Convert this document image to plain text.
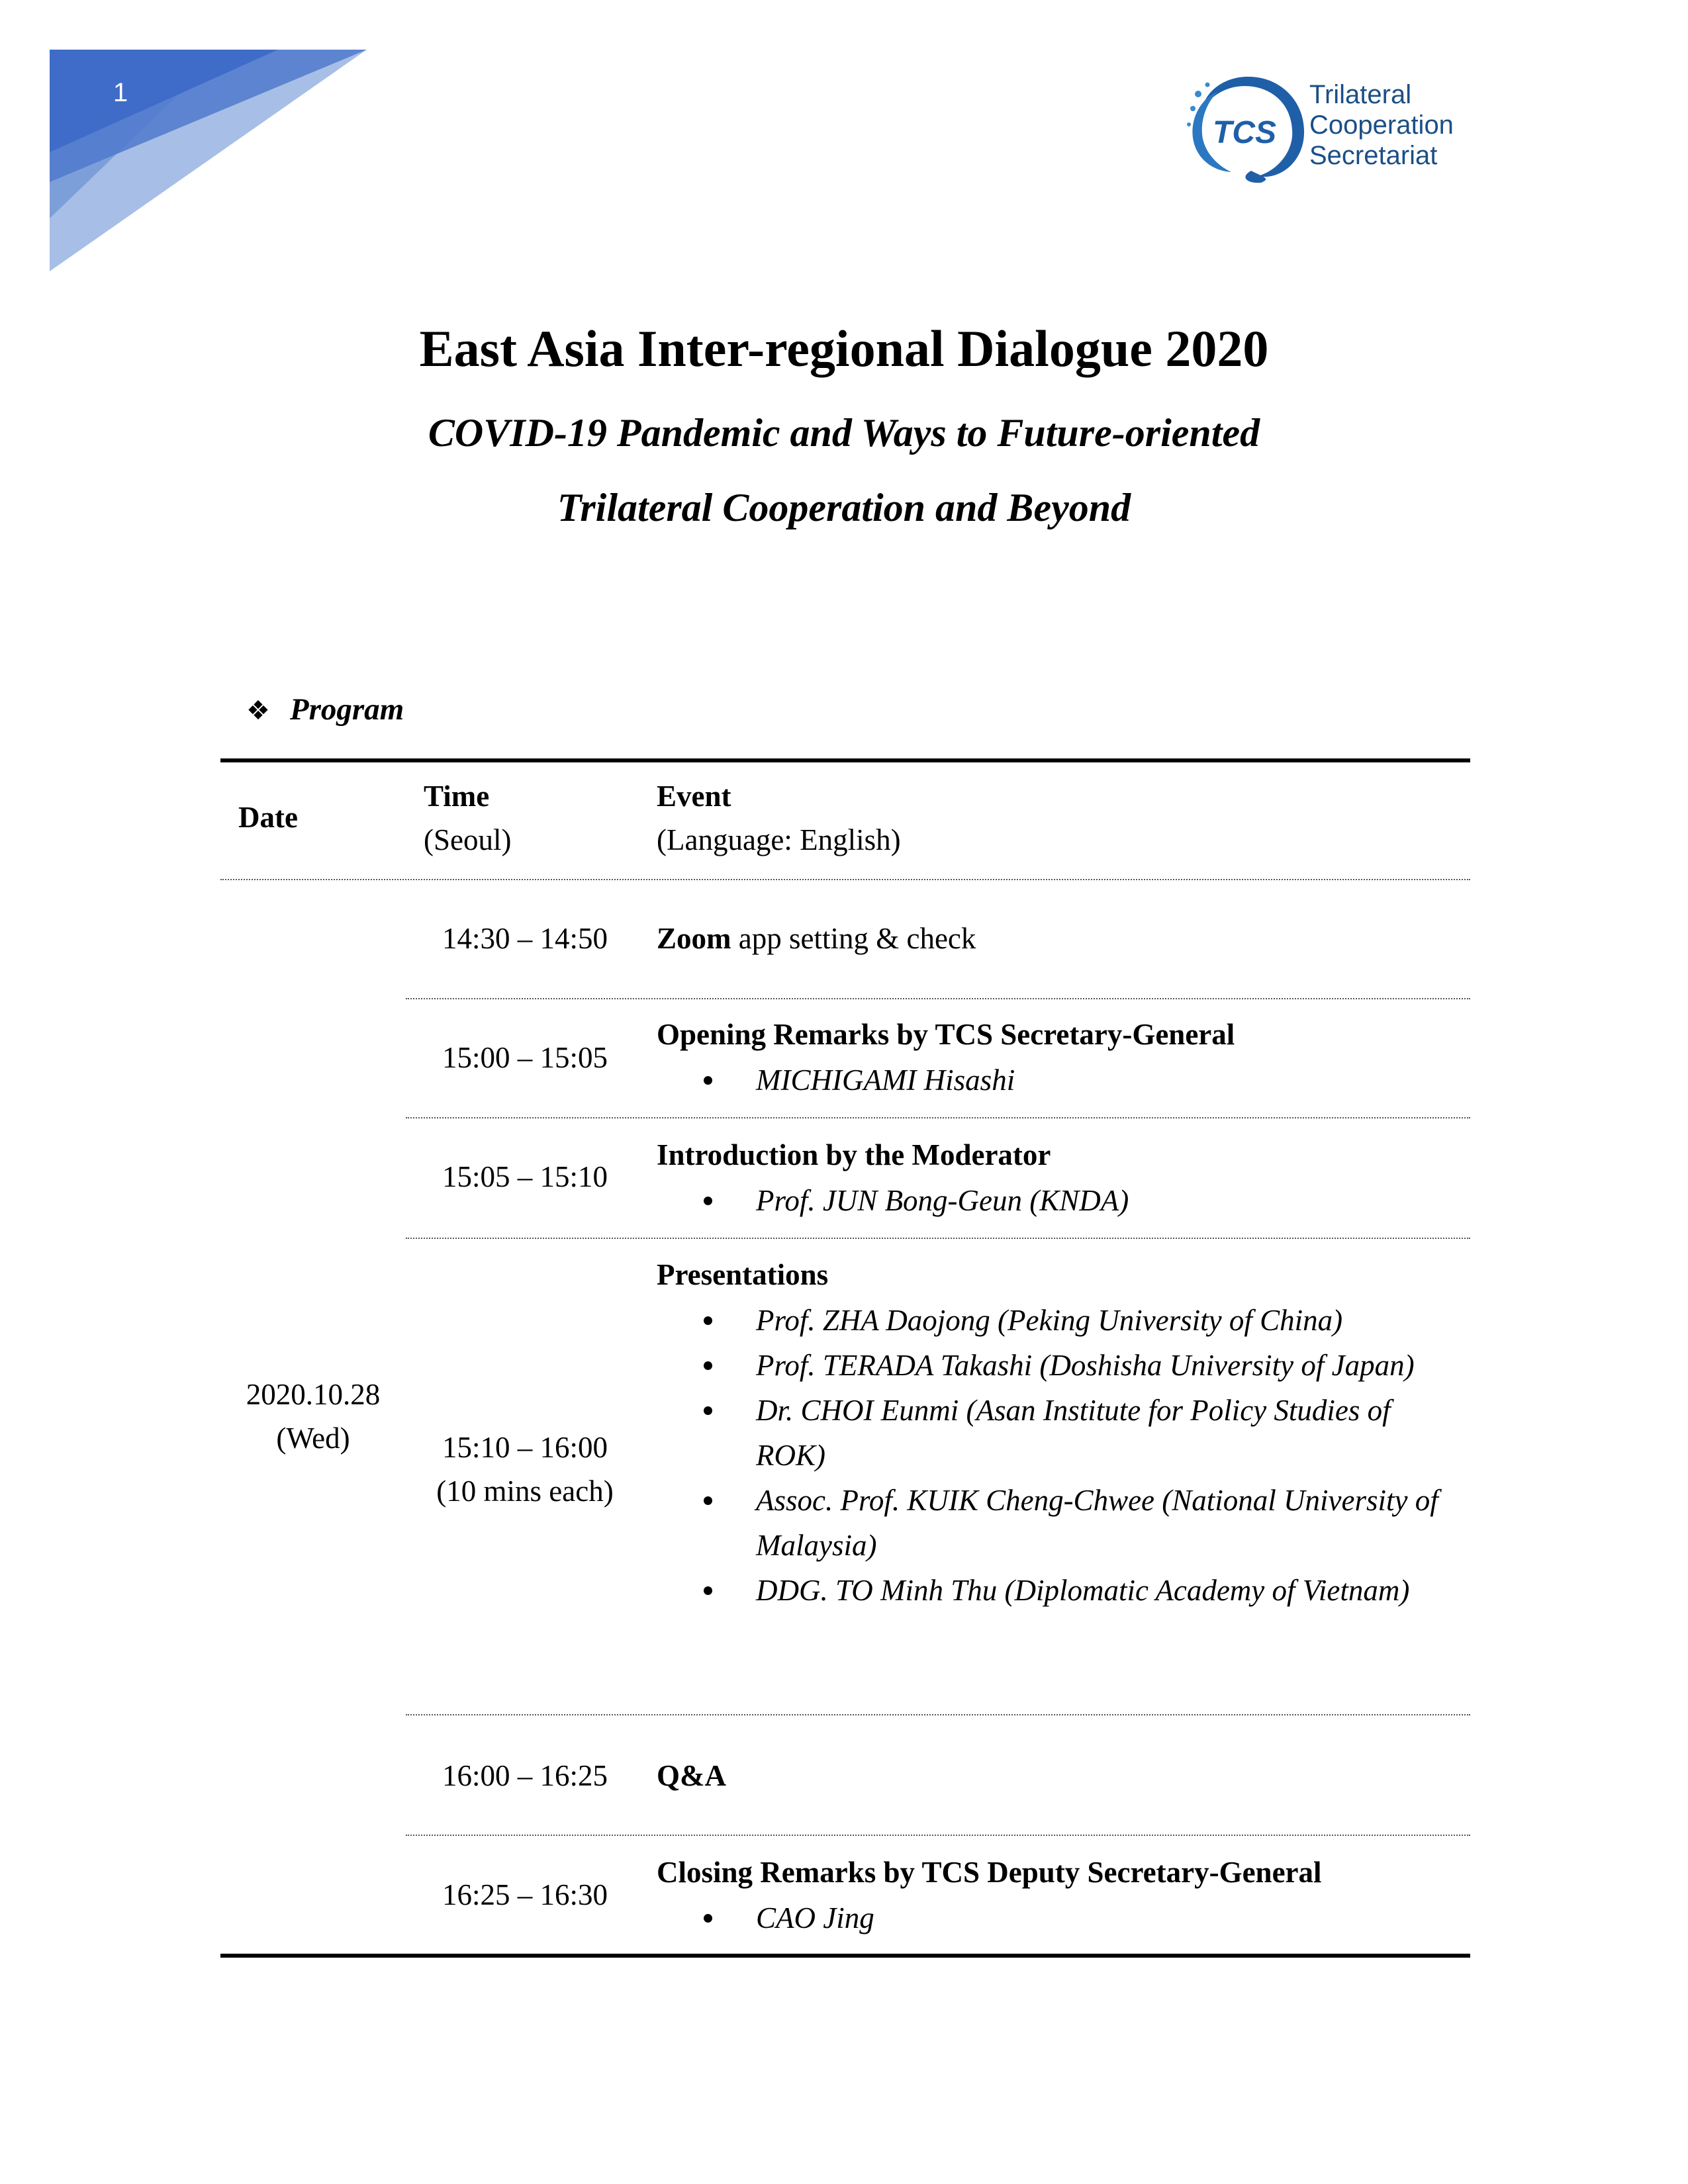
1
TCS
Trilateral
Cooperation
Secretariat
East Asia Inter-regional Dialogue 2020
COVID-19 Pandemic and Ways to Future-oriented
Trilateral Cooperation and Beyond
❖ Program
Date
Time
(Seoul)
Event
(Language: English)
2020.10.28
(Wed)
14:30 – 14:50	Zoom app setting & check
15:00 – 15:05
Opening Remarks by TCS Secretary-General
MICHIGAMI Hisashi
15:05 – 15:10
Introduction by the Moderator
Prof. JUN Bong-Geun (KNDA)
15:10 – 16:00
(10 mins each)
Presentations
Prof. ZHA Daojong (Peking University of China)
Prof. TERADA Takashi (Doshisha University of Japan)
Dr. CHOI Eunmi (Asan Institute for Policy Studies of ROK)
Assoc. Prof. KUIK Cheng-Chwee (National University of Malaysia)
DDG. TO Minh Thu (Diplomatic Academy of Vietnam)
16:00 – 16:25	Q&A
16:25 – 16:30
Closing Remarks by TCS Deputy Secretary-General
CAO Jing
